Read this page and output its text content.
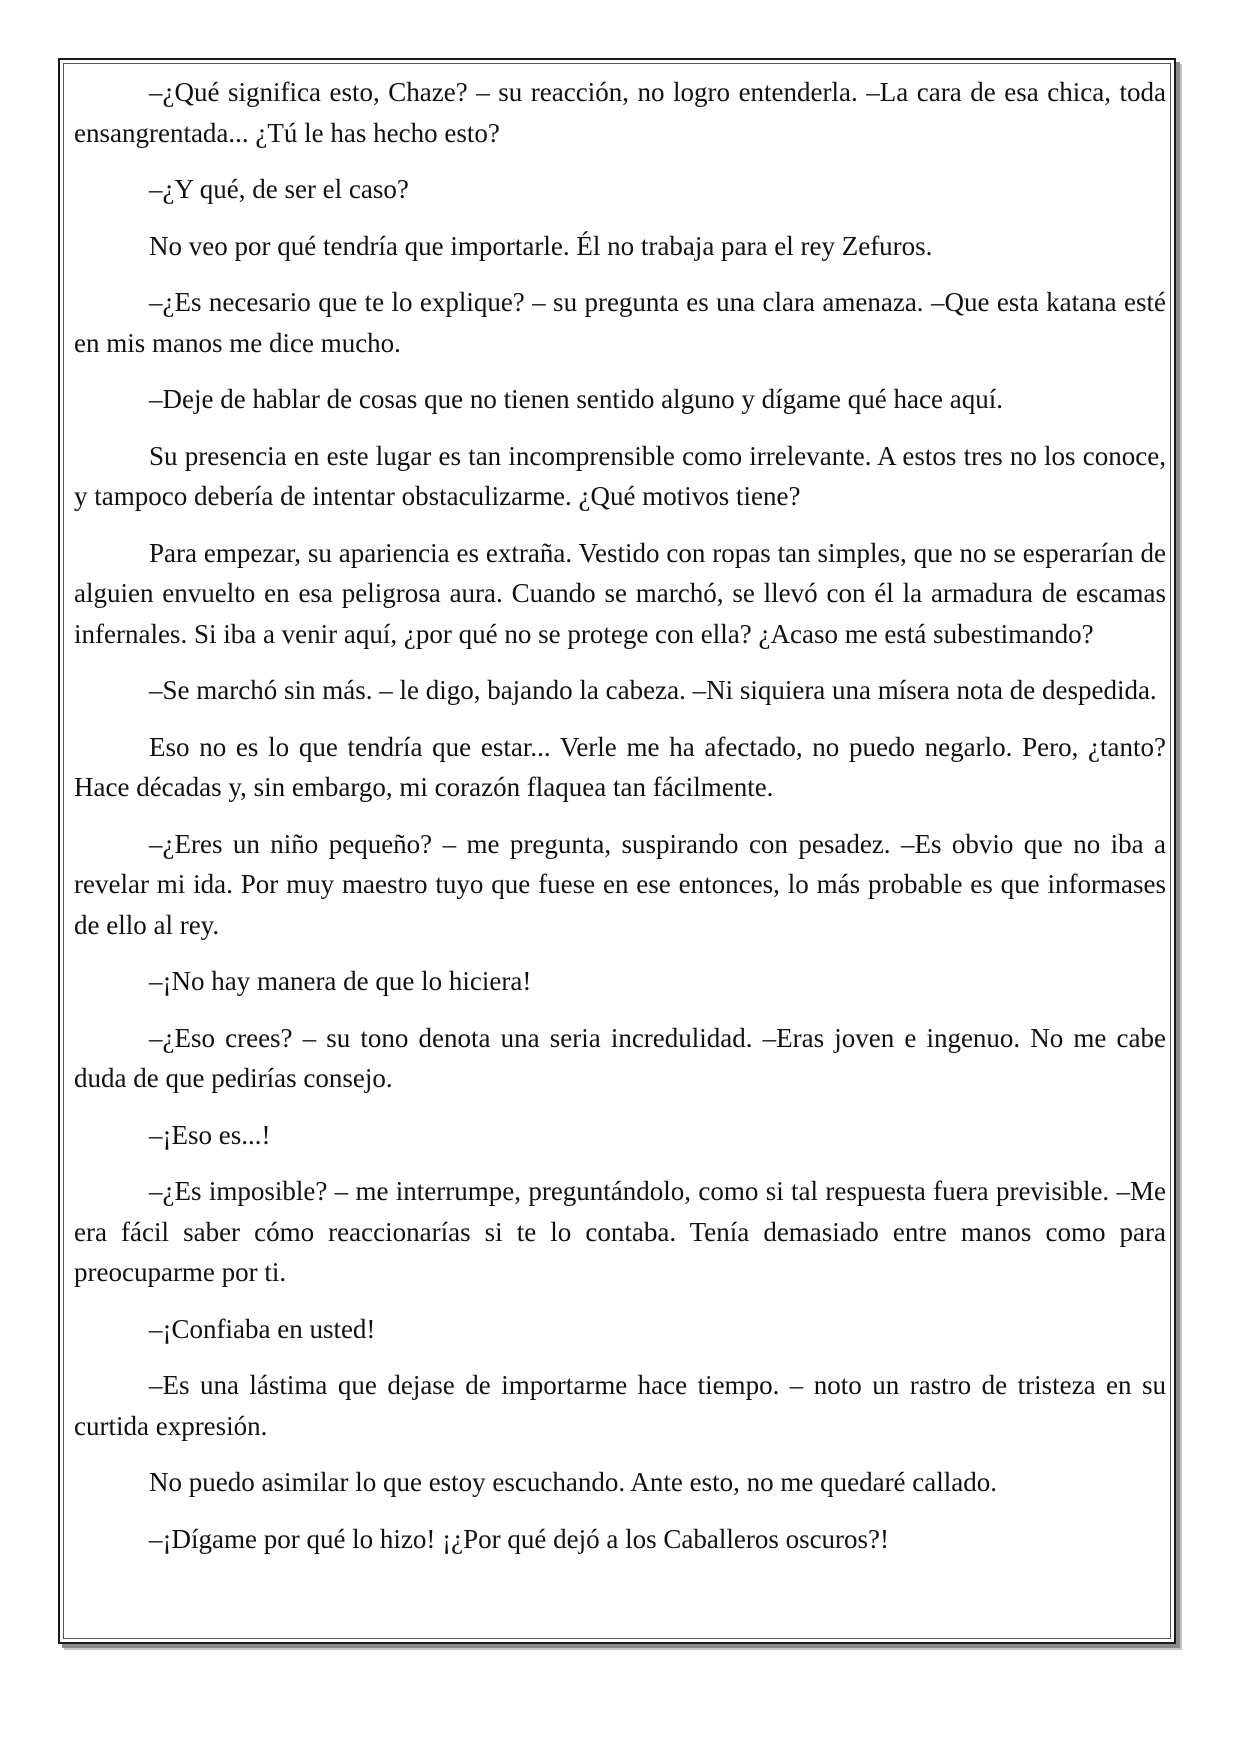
–¿Qué significa esto, Chaze? – su reacción, no logro entenderla. –La cara de esa chica, toda ensangrentada... ¿Tú le has hecho esto?

–¿Y qué, de ser el caso?

No veo por qué tendría que importarle. Él no trabaja para el rey Zefuros.

–¿Es necesario que te lo explique? – su pregunta es una clara amenaza. –Que esta katana esté en mis manos me dice mucho.

–Deje de hablar de cosas que no tienen sentido alguno y dígame qué hace aquí.

Su presencia en este lugar es tan incomprensible como irrelevante. A estos tres no los conoce, y tampoco debería de intentar obstaculizarme. ¿Qué motivos tiene?

Para empezar, su apariencia es extraña. Vestido con ropas tan simples, que no se esperarían de alguien envuelto en esa peligrosa aura. Cuando se marchó, se llevó con él la armadura de escamas infernales. Si iba a venir aquí, ¿por qué no se protege con ella? ¿Acaso me está subestimando?

–Se marchó sin más. – le digo, bajando la cabeza. –Ni siquiera una mísera nota de despedida.

Eso no es lo que tendría que estar... Verle me ha afectado, no puedo negarlo. Pero, ¿tanto? Hace décadas y, sin embargo, mi corazón flaquea tan fácilmente.

–¿Eres un niño pequeño? – me pregunta, suspirando con pesadez. –Es obvio que no iba a revelar mi ida. Por muy maestro tuyo que fuese en ese entonces, lo más probable es que informases de ello al rey.

–¡No hay manera de que lo hiciera!

–¿Eso crees? – su tono denota una seria incredulidad. –Eras joven e ingenuo. No me cabe duda de que pedirías consejo.

–¡Eso es...!

–¿Es imposible? – me interrumpe, preguntándolo, como si tal respuesta fuera previsible. –Me era fácil saber cómo reaccionarías si te lo contaba. Tenía demasiado entre manos como para preocuparme por ti.

–¡Confiaba en usted!

–Es una lástima que dejase de importarme hace tiempo. – noto un rastro de tristeza en su curtida expresión.

No puedo asimilar lo que estoy escuchando. Ante esto, no me quedaré callado.

–¡Dígame por qué lo hizo! ¡¿Por qué dejó a los Caballeros oscuros?!
